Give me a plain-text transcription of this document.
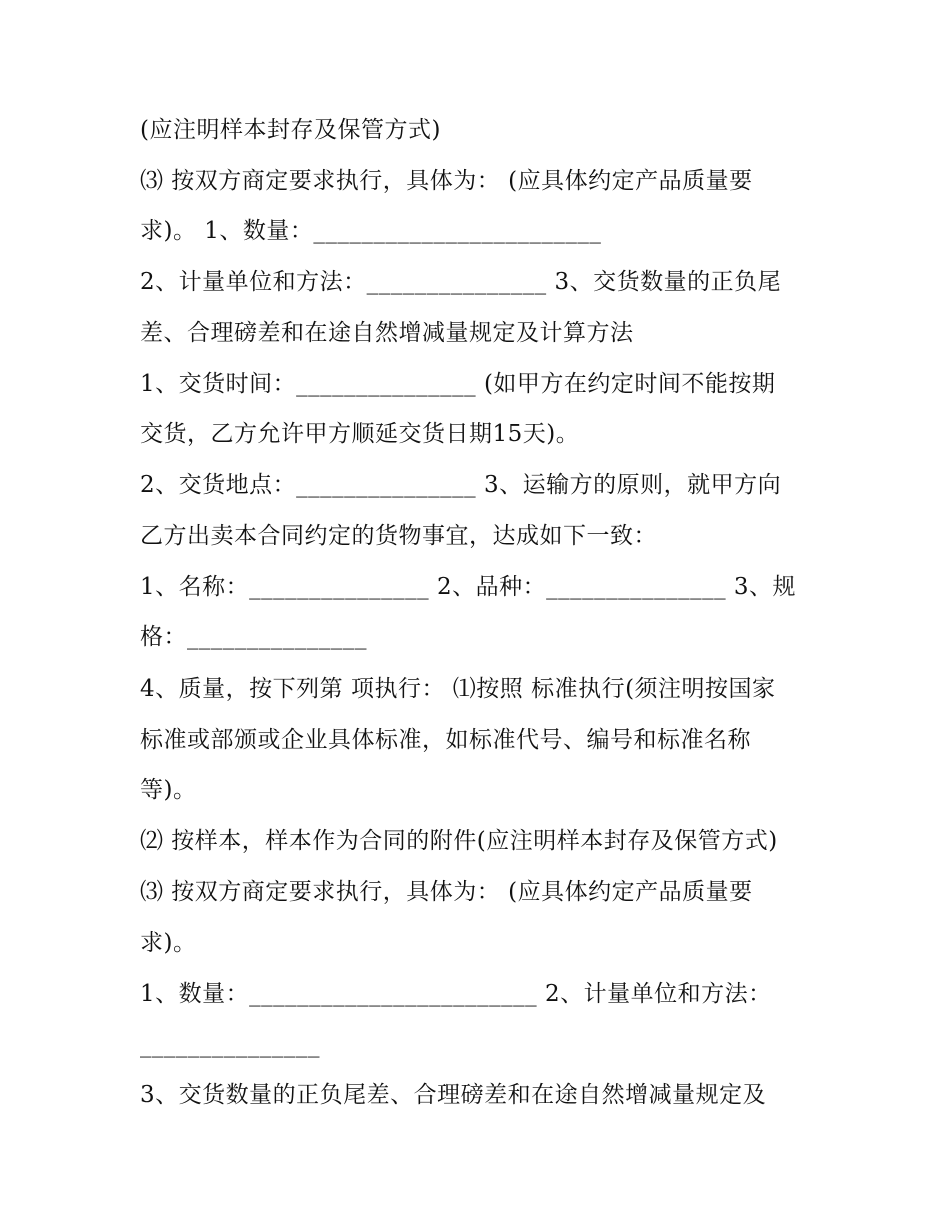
(应注明样本封存及保管方式)
⑶ 按双方商定要求执行，具体为： (应具体约定产品质量要
求)。 1、数量：________________________
2、计量单位和方法：_______________ 3、交货数量的正负尾
差、合理磅差和在途自然增减量规定及计算方法
1、交货时间：_______________ (如甲方在约定时间不能按期
交货，乙方允许甲方顺延交货日期15天)。
2、交货地点：_______________ 3、运输方的原则，就甲方向
乙方出卖本合同约定的货物事宜，达成如下一致：
1、名称：_______________ 2、品种：_______________ 3、规
格：_______________
4、质量，按下列第 项执行： ⑴按照 标准执行(须注明按国家
标准或部颁或企业具体标准，如标准代号、编号和标准名称
等)。
⑵ 按样本，样本作为合同的附件(应注明样本封存及保管方式)
⑶ 按双方商定要求执行，具体为： (应具体约定产品质量要
求)。
1、数量：________________________ 2、计量单位和方法：
_______________
3、交货数量的正负尾差、合理磅差和在途自然增减量规定及
